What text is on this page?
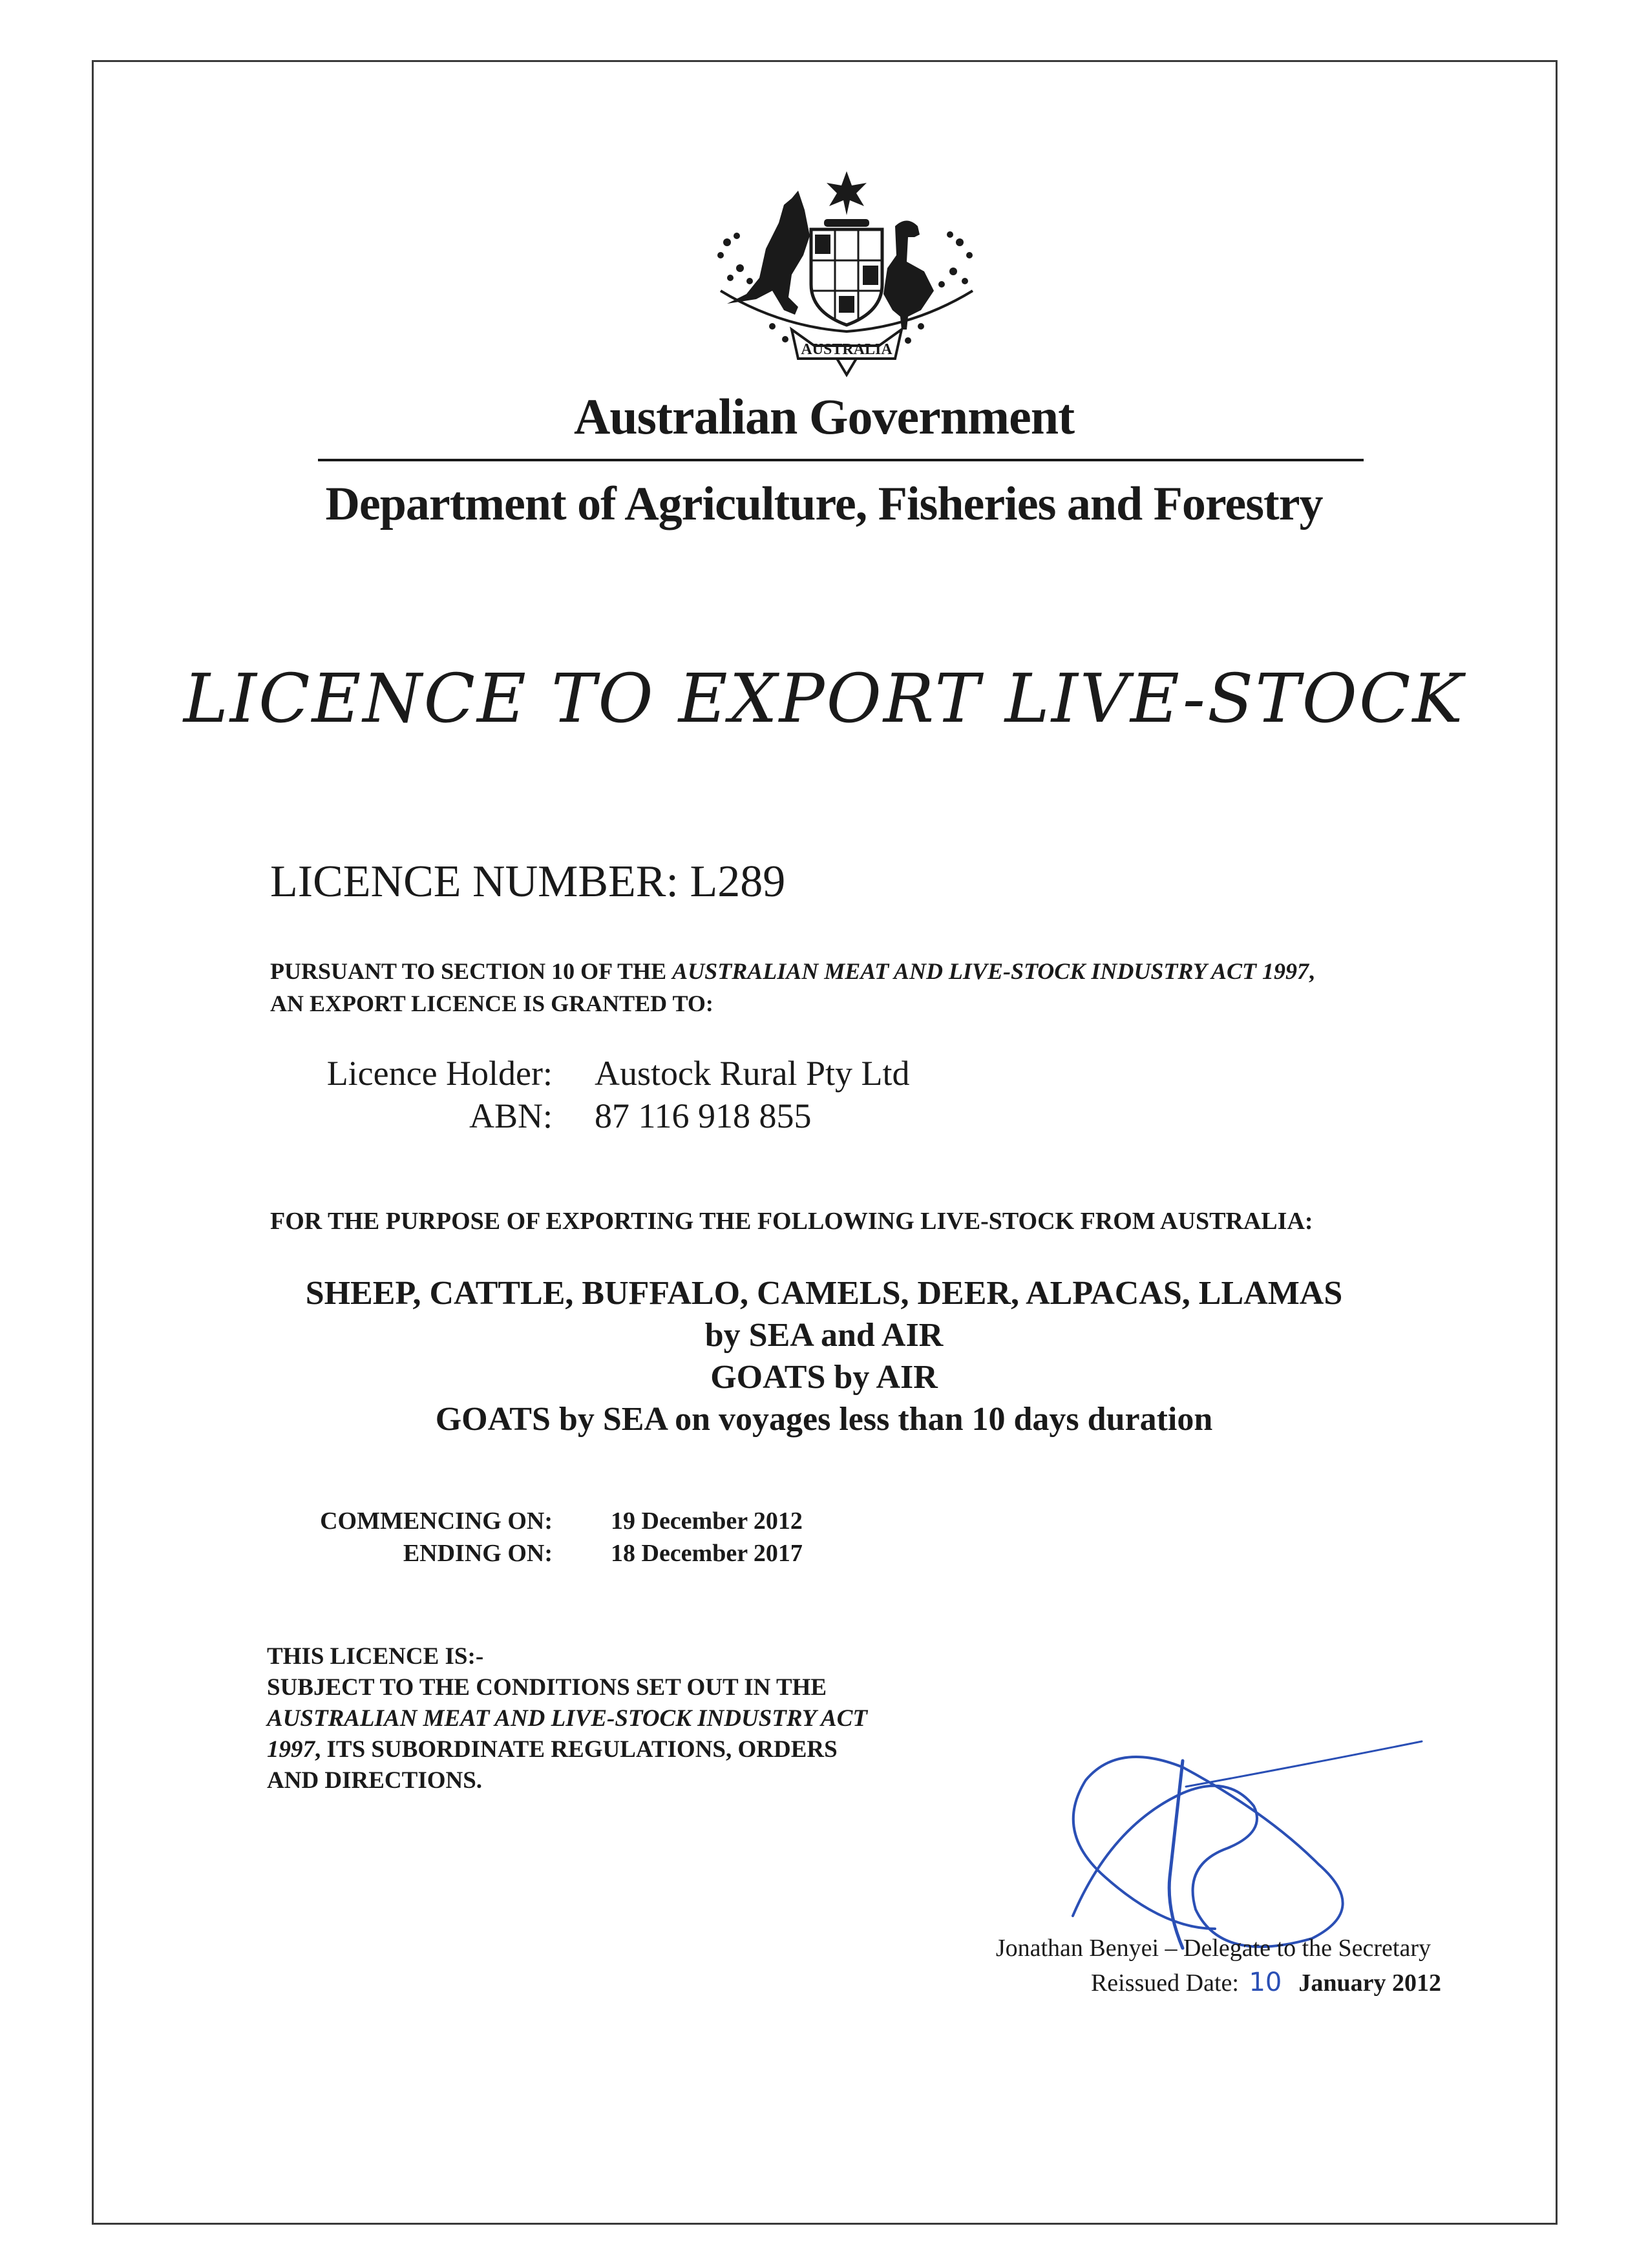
AUSTRALIA
Australian Government
Department of Agriculture, Fisheries and Forestry
LICENCE TO EXPORT LIVE-STOCK
LICENCE NUMBER: L289
PURSUANT TO SECTION 10 OF THE AUSTRALIAN MEAT AND LIVE-STOCK INDUSTRY ACT 1997,
AN EXPORT LICENCE IS GRANTED TO:
Licence Holder: Austock Rural Pty Ltd
ABN: 87 116 918 855
FOR THE PURPOSE OF EXPORTING THE FOLLOWING LIVE-STOCK FROM AUSTRALIA:
SHEEP, CATTLE, BUFFALO, CAMELS, DEER, ALPACAS, LLAMAS
by SEA and AIR
GOATS by AIR
GOATS by SEA on voyages less than 10 days duration
COMMENCING ON: 19 December 2012
ENDING ON: 18 December 2017
THIS LICENCE IS:-
SUBJECT TO THE CONDITIONS SET OUT IN THE
AUSTRALIAN MEAT AND LIVE-STOCK INDUSTRY ACT
1997, ITS SUBORDINATE REGULATIONS, ORDERS
AND DIRECTIONS.
Jonathan Benyei – Delegate to the Secretary
Reissued Date: 10 January 2012
